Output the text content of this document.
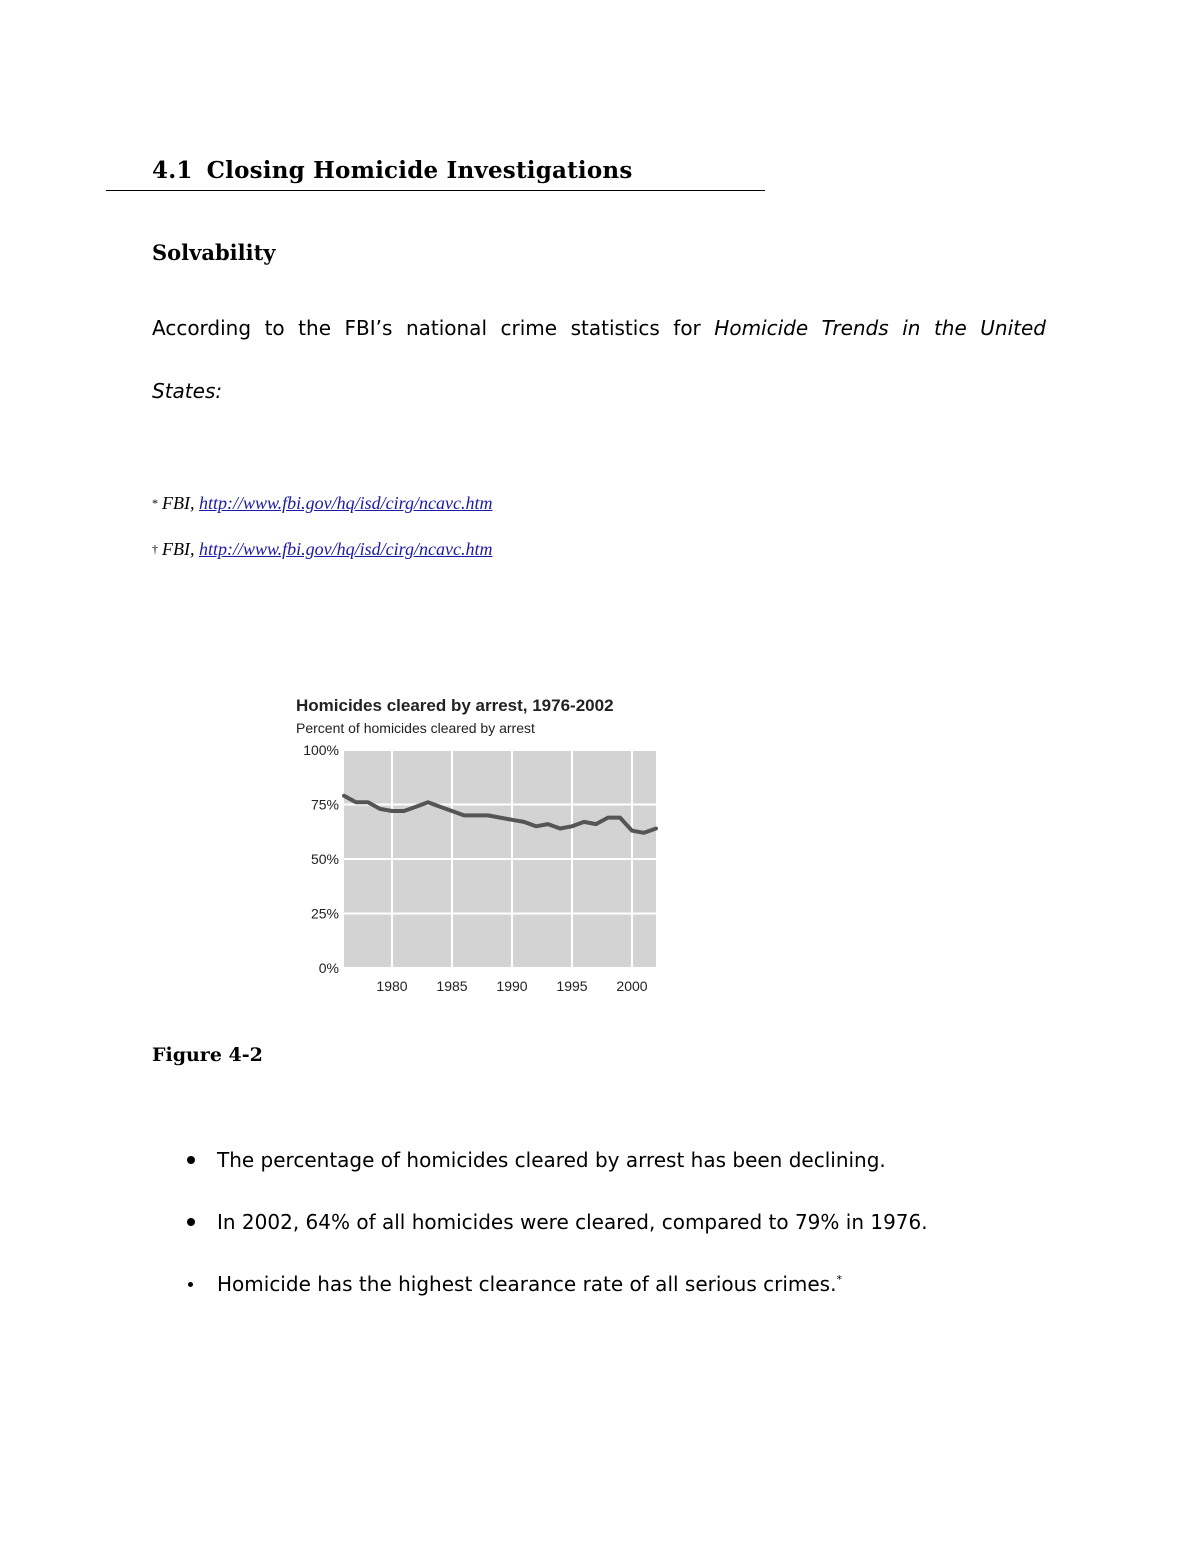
4.1 Closing Homicide Investigations
Solvability

According to the FBI’s national crime statistics for Homicide Trends in the United

States:

* FBI, http://www.fbi.gov/hq/isd/cirg/ncavc.htm

† FBI, http://www.fbi.gov/hq/isd/cirg/ncavc.htm

Homicides cleared by arrest, 1976-2002
Percent of homicides cleared by arrest
0%
25%
50%
75%
100%
1980 1985 1990 1995 2000

Figure 4-2

The percentage of homicides cleared by arrest has been declining.
In 2002, 64% of all homicides were cleared, compared to 79% in 1976.
Homicide has the highest clearance rate of all serious crimes.*
